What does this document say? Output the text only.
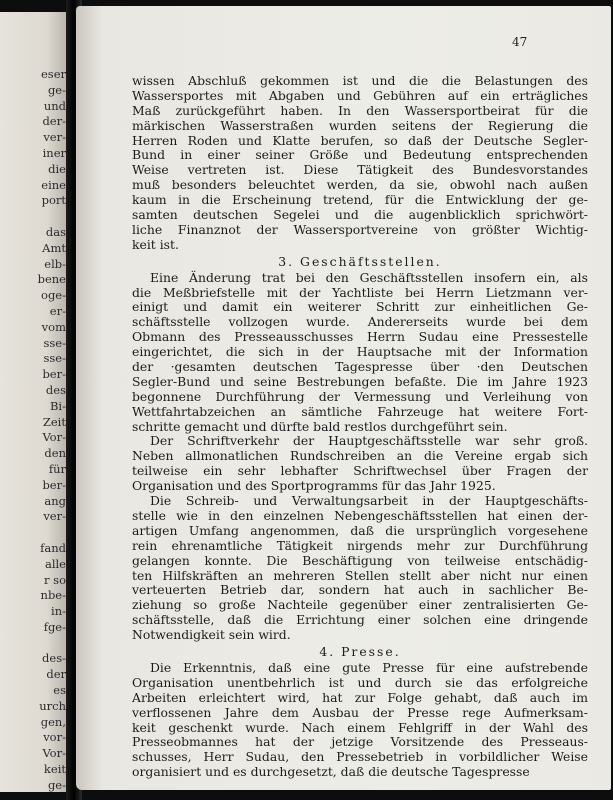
eser
ge-
und
der-
ver-
iner
die
eine
port
das
Amt
elb-
bene
oge-
er-
vom
sse-
sse-
ber-
des
Bi-
Zeit
Vor-
den
für
ber-
ang
ver-
fand
alle
r so
nbe-
in-
fge-
des-
der
es
urch
gen,
vor-
Vor-
keit
ge-
47
wissen Abschluß gekommen ist und die die Belastungen des
Wassersportes mit Abgaben und Gebühren auf ein erträgliches
Maß zurückgeführt haben. In den Wassersportbeirat für die
märkischen Wasserstraßen wurden seitens der Regierung die
Herren Roden und Klatte berufen, so daß der Deutsche Segler-
Bund in einer seiner Größe und Bedeutung entsprechenden
Weise vertreten ist. Diese Tätigkeit des Bundesvorstandes
muß besonders beleuchtet werden, da sie, obwohl nach außen
kaum in die Erscheinung tretend, für die Entwicklung der ge-
samten deutschen Segelei und die augenblicklich sprichwört-
liche Finanznot der Wassersportvereine von größter Wichtig-
keit ist.
3. Geschäftsstellen.
Eine Änderung trat bei den Geschäftsstellen insofern ein, als
die Meßbriefstelle mit der Yachtliste bei Herrn Lietzmann ver-
einigt und damit ein weiterer Schritt zur einheitlichen Ge-
schäftsstelle vollzogen wurde. Andererseits wurde bei dem
Obmann des Presseausschusses Herrn Sudau eine Pressestelle
eingerichtet, die sich in der Hauptsache mit der Information
der ·gesamten deutschen Tagespresse über ·den Deutschen
Segler-Bund und seine Bestrebungen befaßte. Die im Jahre 1923
begonnene Durchführung der Vermessung und Verleihung von
Wettfahrtabzeichen an sämtliche Fahrzeuge hat weitere Fort-
schritte gemacht und dürfte bald restlos durchgeführt sein.
Der Schriftverkehr der Hauptgeschäftsstelle war sehr groß.
Neben allmonatlichen Rundschreiben an die Vereine ergab sich
teilweise ein sehr lebhafter Schriftwechsel über Fragen der
Organisation und des Sportprogramms für das Jahr 1925.
Die Schreib- und Verwaltungsarbeit in der Hauptgeschäfts-
stelle wie in den einzelnen Nebengeschäftsstellen hat einen der-
artigen Umfang angenommen, daß die ursprünglich vorgesehene
rein ehrenamtliche Tätigkeit nirgends mehr zur Durchführung
gelangen konnte. Die Beschäftigung von teilweise entschädig-
ten Hilfskräften an mehreren Stellen stellt aber nicht nur einen
verteuerten Betrieb dar, sondern hat auch in sachlicher Be-
ziehung so große Nachteile gegenüber einer zentralisierten Ge-
schäftsstelle, daß die Errichtung einer solchen eine dringende
Notwendigkeit sein wird.
4. Presse.
Die Erkenntnis, daß eine gute Presse für eine aufstrebende
Organisation unentbehrlich ist und durch sie das erfolgreiche
Arbeiten erleichtert wird, hat zur Folge gehabt, daß auch im
verflossenen Jahre dem Ausbau der Presse rege Aufmerksam-
keit geschenkt wurde. Nach einem Fehlgriff in der Wahl des
Presseobmannes hat der jetzige Vorsitzende des Presseaus-
schusses, Herr Sudau, den Pressebetrieb in vorbildlicher Weise
organisiert und es durchgesetzt, daß die deutsche Tagespresse
